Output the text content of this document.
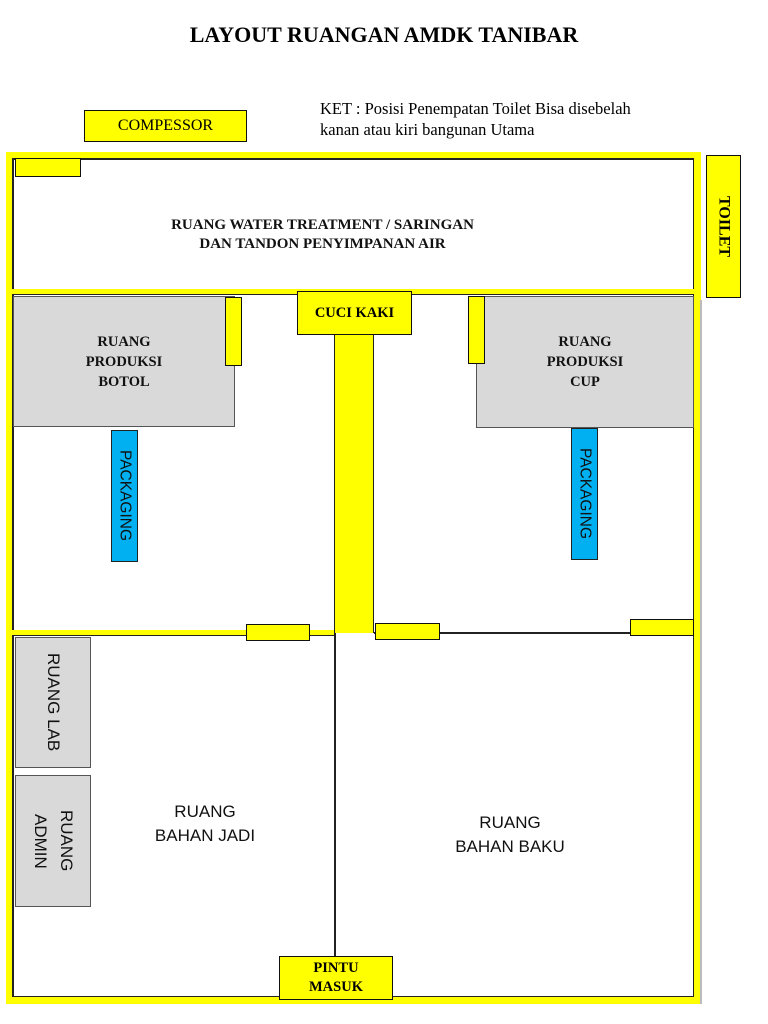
LAYOUT RUANGAN AMDK TANIBAR
KET : Posisi Penempatan Toilet Bisa disebelah
kanan atau kiri bangunan Utama
COMPESSOR
TOILET
RUANG WATER TREATMENT / SARINGAN
DAN TANDON PENYIMPANAN AIR
CUCI KAKI
RUANG
PRODUKSI
BOTOL
RUANG
PRODUKSI
CUP
PACKAGING	PACKAGING
RUANG LAB
RUANG
ADMIN
RUANG
BAHAN JADI
RUANG
BAHAN BAKU
PINTU
MASUK
